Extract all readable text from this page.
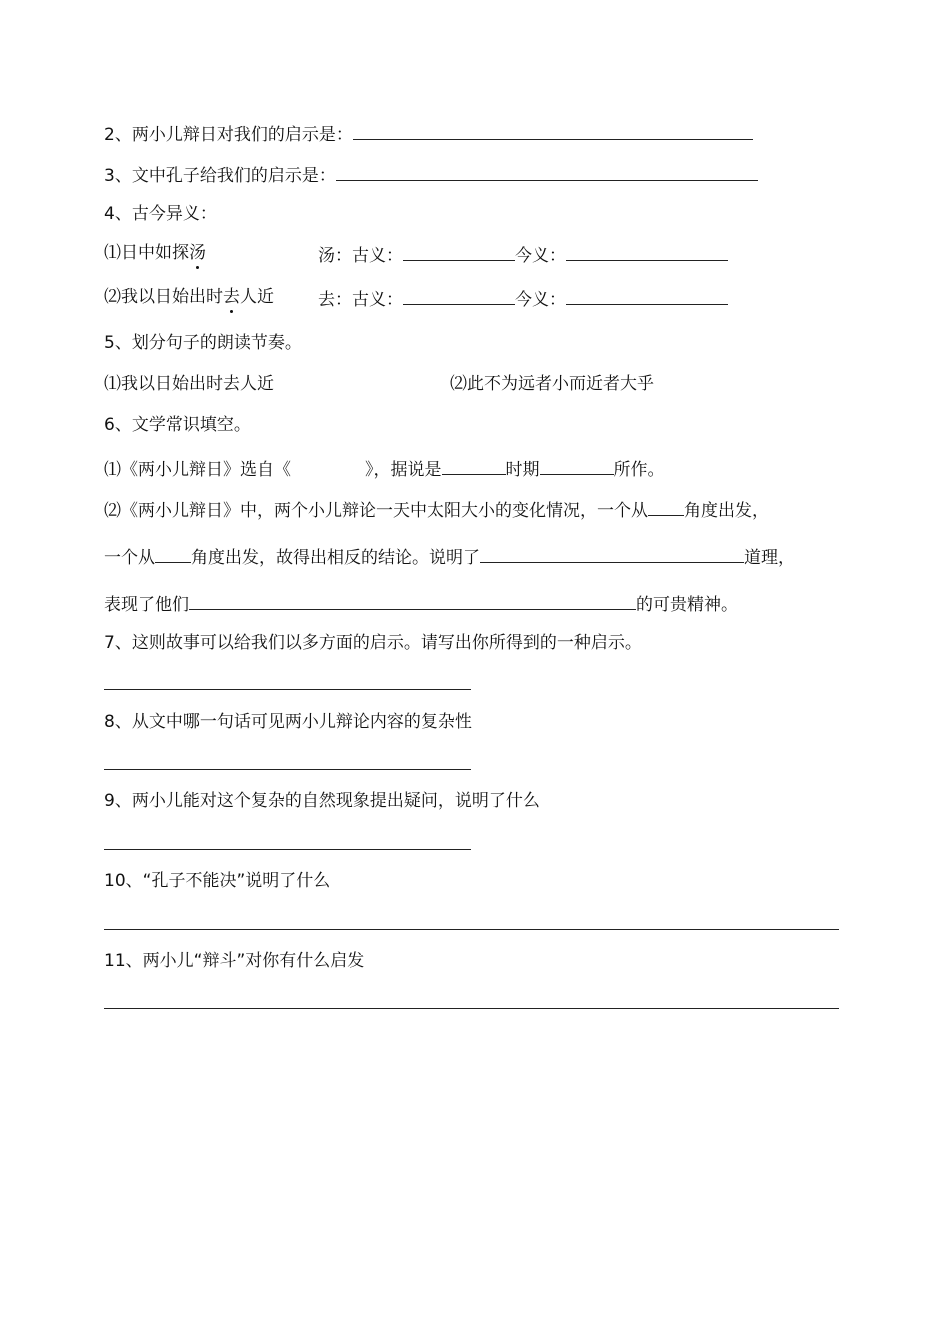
2、两小儿辩日对我们的启示是：
3、文中孔子给我们的启示是：
4、古今异义：
⑴日中如探汤	汤：古义：	今义：
⑵我以日始出时去人近	去：古义：	今义：
5、划分句子的朗读节奏。
⑴我以日始出时去人近	⑵此不为远者小而近者大乎
6、文学常识填空。
⑴《两小儿辩日》选自《	》，据说是	时期	所作。
⑵《两小儿辩日》中，两个小儿辩论一天中太阳大小的变化情况，一个从 角度出发，
一个从 角度出发，故得出相反的结论。说明了	道理，
表现了他们	的可贵精神。
7、这则故事可以给我们以多方面的启示。请写出你所得到的一种启示。
8、从文中哪一句话可见两小儿辩论内容的复杂性
9、两小儿能对这个复杂的自然现象提出疑问，说明了什么
10、“孔子不能决”说明了什么
11、两小儿“辩斗”对你有什么启发
